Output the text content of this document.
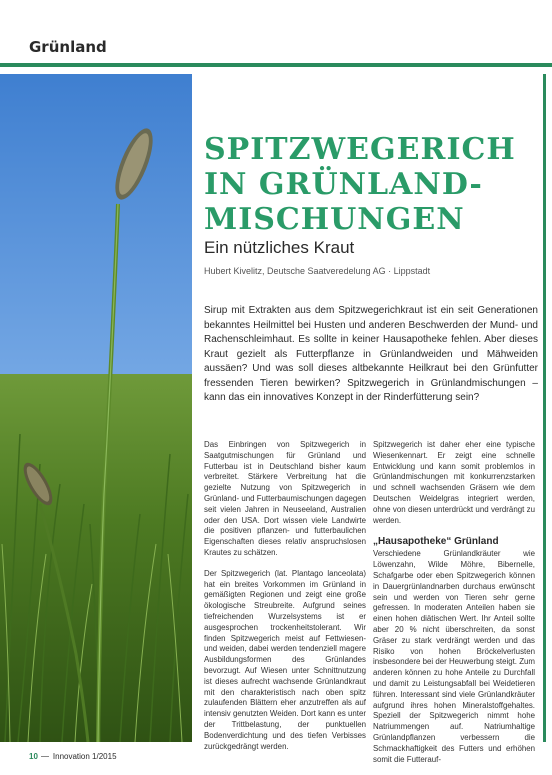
Grünland
SPITZWEGERICH
IN GRÜNLAND-
MISCHUNGEN
Ein nützliches Kraut
Hubert Kivelitz, Deutsche Saatveredelung AG · Lippstadt
Sirup mit Extrakten aus dem Spitzwegerichkraut ist ein seit Generationen bekanntes Heilmittel bei Husten und anderen Beschwerden der Mund- und Rachenschleimhaut. Es sollte in keiner Hausapotheke fehlen. Aber dieses Kraut gezielt als Futterpflanze in Grünlandweiden und Mähweiden aussäen? Und was soll dieses altbekannte Heilkraut bei den Grünfutter fressenden Tieren bewirken? Spitzwegerich in Grünlandmischungen – kann das ein innovatives Konzept in der Rinderfütterung sein?

Das Einbringen von Spitzwegerich in Saatgutmischungen für Grünland und Futterbau ist in Deutschland bisher kaum verbreitet. Stärkere Verbreitung hat die gezielte Nutzung von Spitzwegerich in Grünland- und Futterbaumischungen dagegen seit vielen Jahren in Neuseeland, Australien oder den USA. Dort wissen viele Landwirte die positiven pflanzen- und futterbaulichen Eigenschaften dieses relativ anspruchslosen Krautes zu schätzen.

Der Spitzwegerich (lat. Plantago lanceolata) hat ein breites Vorkommen im Grünland in gemäßigten Regionen und zeigt eine große ökologische Streubreite. Aufgrund seines tiefreichenden Wurzelsystems ist er ausgesprochen trockenheitstolerant. Wir finden Spitzwegerich meist auf Fettwiesen- und weiden, dabei werden tendenziell magere Ausbildungsformen des Grünlandes bevorzugt. Auf Wiesen unter Schnittnutzung ist dieses aufrecht wachsende Grünlandkraut mit den charakteristisch nach oben spitz zulaufenden Blättern eher anzutreffen als auf intensiv genutzten Weiden. Dort kann es unter der Trittbelastung, der punktuellen Bodenverdichtung und des tiefen Verbisses zurückgedrängt werden.

Spitzwegerich ist daher eher eine typische Wiesenkennart. Er zeigt eine schnelle Entwicklung und kann somit problemlos in Grünlandmischungen mit konkurrenzstarken und schnell wachsenden Gräsern wie dem Deutschen Weidelgras integriert werden, ohne von diesen unterdrückt und verdrängt zu werden.

„Hausapotheke“ Grünland

Verschiedene Grünlandkräuter wie Löwenzahn, Wilde Möhre, Bibernelle, Schafgarbe oder eben Spitzwegerich können in Dauergrünlandnarben durchaus erwünscht sein und werden von Tieren sehr gerne gefressen. In moderaten Anteilen haben sie einen hohen diätischen Wert. Ihr Anteil sollte aber 20 % nicht überschreiten, da sonst Gräser zu stark verdrängt werden und das Risiko von hohen Bröckelverlusten insbesondere bei der Heuwerbung steigt. Zum anderen können zu hohe Anteile zu Durchfall und damit zu Leistungsabfall bei Weidetieren führen. Interessant sind viele Grünlandkräuter aufgrund ihres hohen Mineralstoffgehaltes. Speziell der Spitzwegerich nimmt hohe Natriummengen auf. Natriumhaltige Grünlandpflanzen verbessern die Schmackhaftigkeit des Futters und erhöhen somit die Futterauf-

10 Innovation 1/2015
